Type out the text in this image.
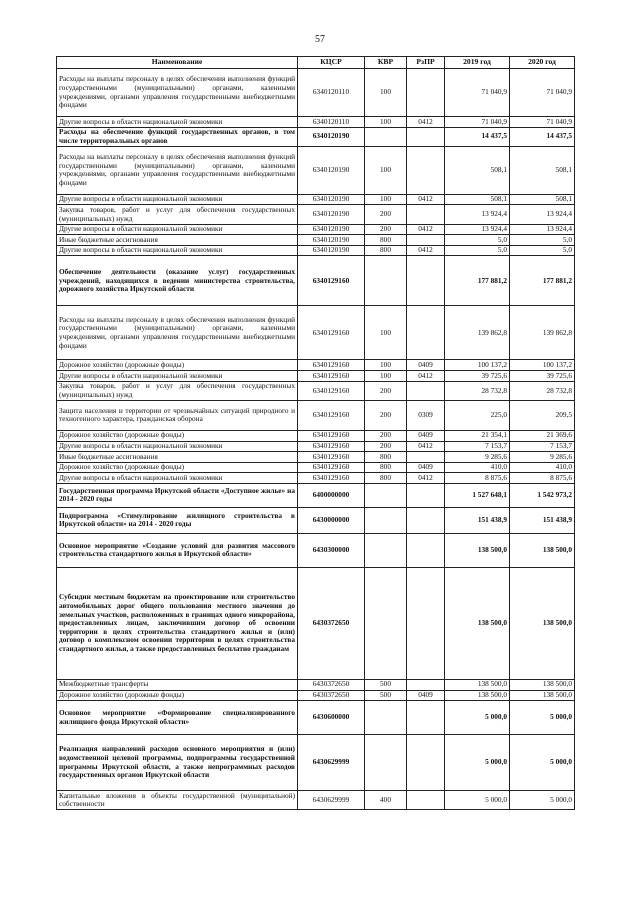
57
Наименование	КЦСР	КВР	РзПР	2019 год	2020 год
Расходы на выплаты персоналу в целях обеспечения выполнения функций государственными (муниципальными) органами, казенными учреждениями, органами управления государственными внебюджетными фондами	6340120110	100		71 040,9	71 040,9
Другие вопросы в области национальной экономики	6340120110	100	0412	71 040,9	71 040,9
Расходы на обеспечение функций государственных органов, в том числе территориальных органов	6340120190			14 437,5	14 437,5
Расходы на выплаты персоналу в целях обеспечения выполнения функций государственными (муниципальными) органами, казенными учреждениями, органами управления государственными внебюджетными фондами	6340120190	100		508,1	508,1
Другие вопросы в области национальной экономики	6340120190	100	0412	508,1	508,1
Закупка товаров, работ и услуг для обеспечения государственных (муниципальных) нужд	6340120190	200		13 924,4	13 924,4
Другие вопросы в области национальной экономики	6340120190	200	0412	13 924,4	13 924,4
Иные бюджетные ассигнования	6340120190	800		5,0	5,0
Другие вопросы в области национальной экономики	6340120190	800	0412	5,0	5,0
Обеспечение деятельности (оказание услуг) государственных учреждений, находящихся в ведении министерства строительства, дорожного хозяйства Иркутской области	6340129160			177 881,2	177 881,2
Расходы на выплаты персоналу в целях обеспечения выполнения функций государственными (муниципальными) органами, казенными учреждениями, органами управления государственными внебюджетными фондами	6340129160	100		139 862,8	139 862,8
Дорожное хозяйство (дорожные фонды)	6340129160	100	0409	100 137,2	100 137,2
Другие вопросы в области национальной экономики	6340129160	100	0412	39 725,6	39 725,6
Закупка товаров, работ и услуг для обеспечения государственных (муниципальных) нужд	6340129160	200		28 732,8	28 732,8
Защита населения и территории от чрезвычайных ситуаций природного и техногенного характера, гражданская оборона	6340129160	200	0309	225,0	209,5
Дорожное хозяйство (дорожные фонды)	6340129160	200	0409	21 354,1	21 369,6
Другие вопросы в области национальной экономики	6340129160	200	0412	7 153,7	7 153,7
Иные бюджетные ассигнования	6340129160	800		9 285,6	9 285,6
Дорожное хозяйство (дорожные фонды)	6340129160	800	0409	410,0	410,0
Другие вопросы в области национальной экономики	6340129160	800	0412	8 875,6	8 875,6
Государственная программа Иркутской области «Доступное жилье» на 2014 - 2020 годы	6400000000			1 527 648,1	1 542 973,2
Подпрограмма «Стимулирование жилищного строительства в Иркутской области» на 2014 - 2020 годы	6430000000			151 438,9	151 438,9
Основное мероприятие «Создание условий для развития массового строительства стандартного жилья в Иркутской области»	6430300000			138 500,0	138 500,0
Субсидии местным бюджетам на проектирование или строительство автомобильных дорог общего пользования местного значения до земельных участков, расположенных в границах одного микрорайона, предоставленных лицам, заключившим договор об освоении территории в целях строительства стандартного жилья и (или) договор о комплексном освоении территории в целях строительства стандартного жилья, а также предоставленных бесплатно гражданам	6430372650			138 500,0	138 500,0
Межбюджетные трансферты	6430372650	500		138 500,0	138 500,0
Дорожное хозяйство (дорожные фонды)	6430372650	500	0409	138 500,0	138 500,0
Основное мероприятие «Формирование специализированного жилищного фонда Иркутской области»	6430600000			5 000,0	5 000,0
Реализация направлений расходов основного мероприятия и (или) ведомственной целевой программы, подпрограммы государственной программы Иркутской области, а также непрограммных расходов государственных органов Иркутской области	6430629999			5 000,0	5 000,0
Капитальные вложения в объекты государственной (муниципальной) собственности	6430629999	400		5 000,0	5 000,0
